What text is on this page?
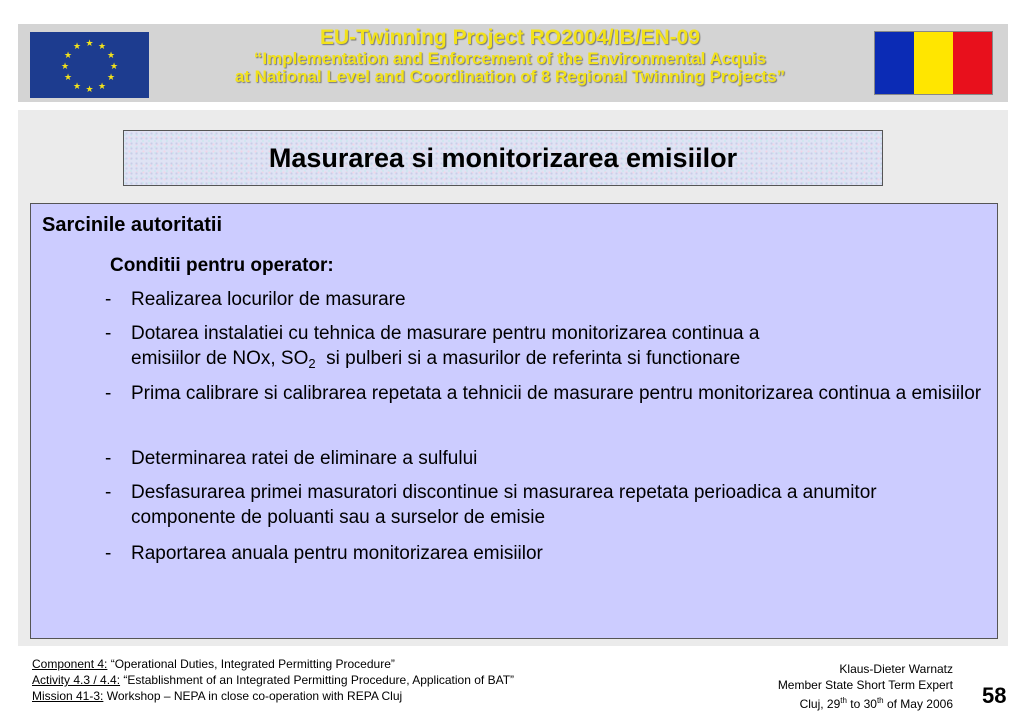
★ ★
★
★
★
★
★
★
★
★
★
★	EU-Twinning Project RO2004/IB/EN-09
“Implementation and Enforcement of the Environmental Acquis
at National Level and Coordination of 8 Regional Twinning Projects”
Masurarea si monitorizarea emisiilor
Sarcinile autoritatii
Conditii pentru operator:
-	Realizarea locurilor de masurare
-	Dotarea instalatiei cu tehnica de masurare pentru monitorizarea continua a
emisiilor de NOx, $SO_2$  si pulberi si a masurilor de referinta si functionare
-	Prima calibrare si calibrarea repetata a tehnicii de masurare pentru monitorizarea continua a emisiilor
-	Determinarea ratei de eliminare a sulfului
-	Desfasurarea primei masuratori discontinue si masurarea repetata perioadica a anumitor componente de poluanti sau a surselor de emisie
-	Raportarea anuala pentru monitorizarea emisiilor
Component 4: “Operational Duties, Integrated Permitting Procedure”
Activity 4.3 / 4.4: “Establishment of an Integrated Permitting Procedure, Application of BAT”
Mission 41-3: Workshop – NEPA in close co-operation with REPA Cluj
Klaus-Dieter Warnatz
Member State Short Term Expert
Cluj, 29th to 30th of May 2006 58
